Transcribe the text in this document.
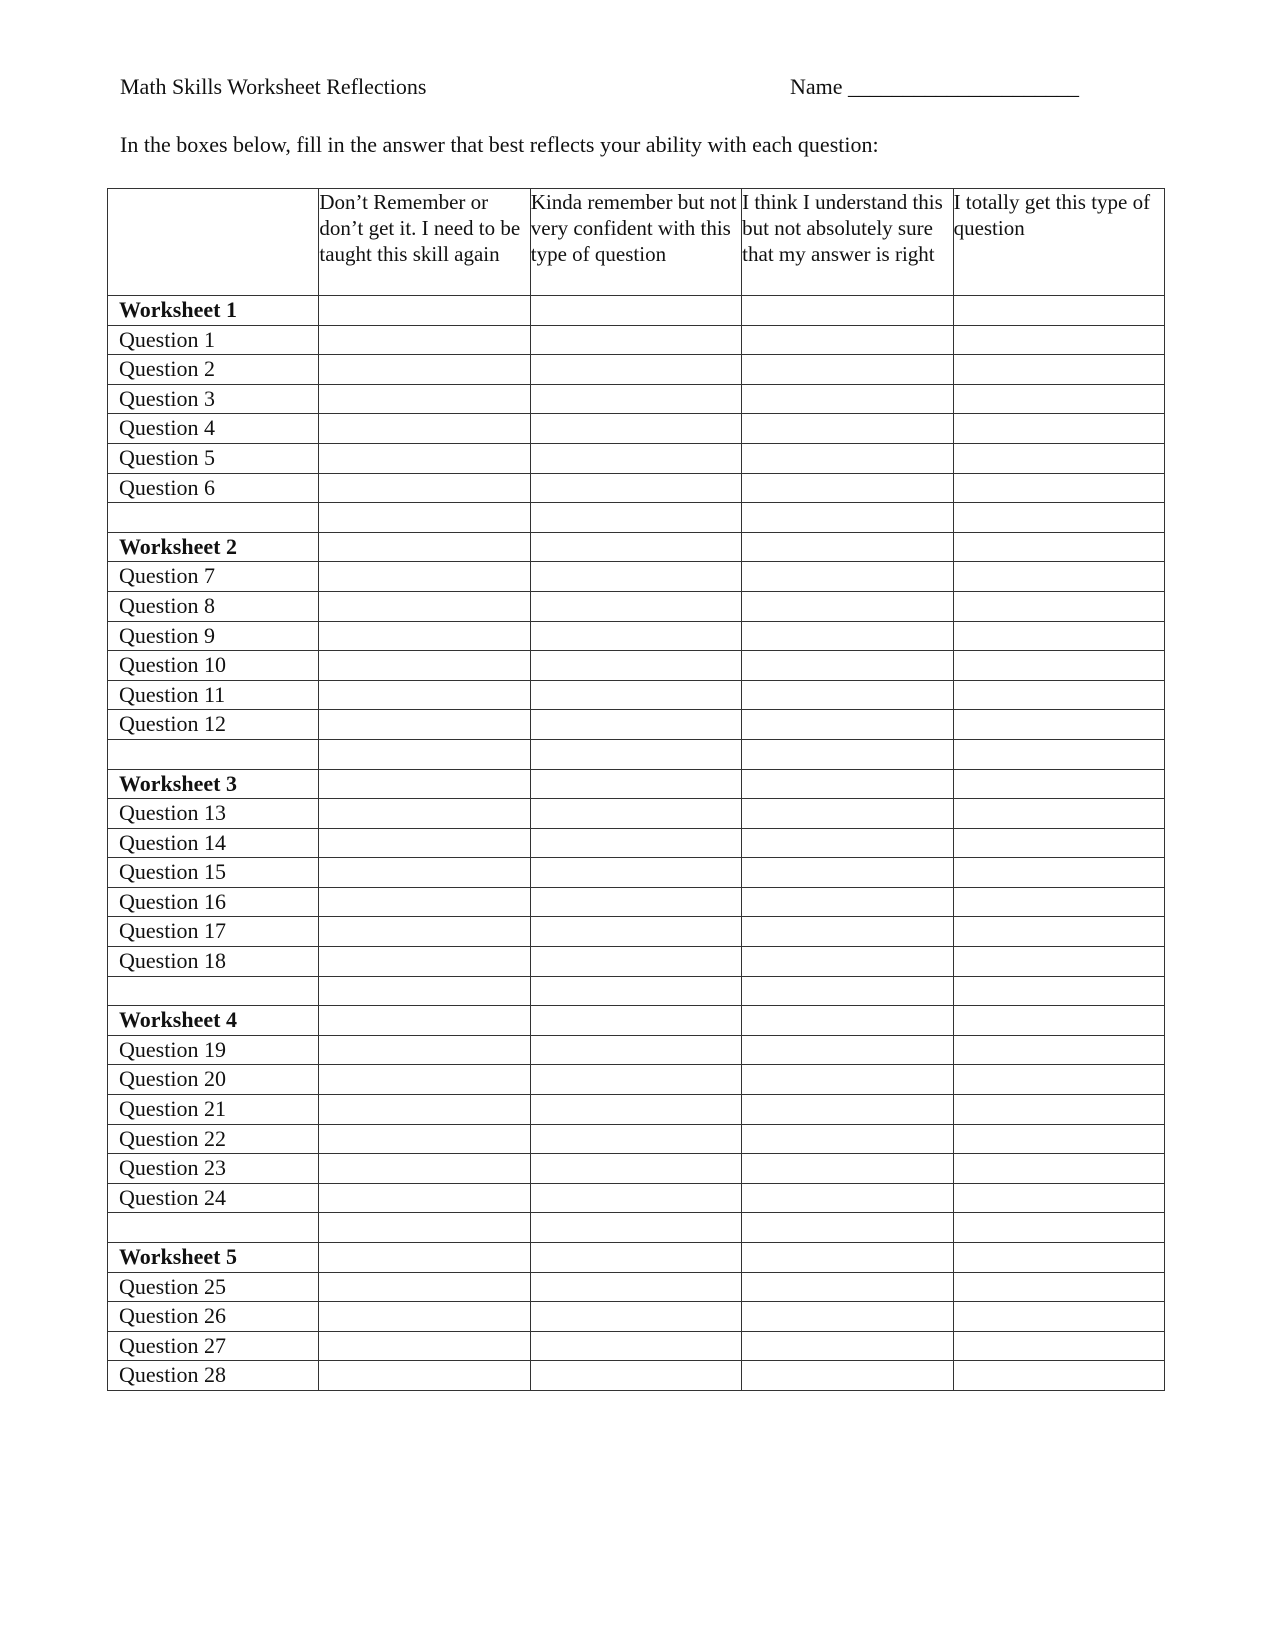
Math Skills Worksheet Reflections	Name _____________________
In the boxes below, fill in the answer that best reflects your ability with each question:
	Don’t Remember or don’t get it. I need to be taught this skill again	Kinda remember but not very confident with this type of question	I think I understand this but not absolutely sure that my answer is right	I totally get this type of question
Worksheet 1				
Question 1				
Question 2				
Question 3				
Question 4				
Question 5				
Question 6				

Worksheet 2				
Question 7				
Question 8				
Question 9				
Question 10				
Question 11				
Question 12				

Worksheet 3				
Question 13				
Question 14				
Question 15				
Question 16				
Question 17				
Question 18				

Worksheet 4				
Question 19				
Question 20				
Question 21				
Question 22				
Question 23				
Question 24				

Worksheet 5				
Question 25				
Question 26				
Question 27				
Question 28				
